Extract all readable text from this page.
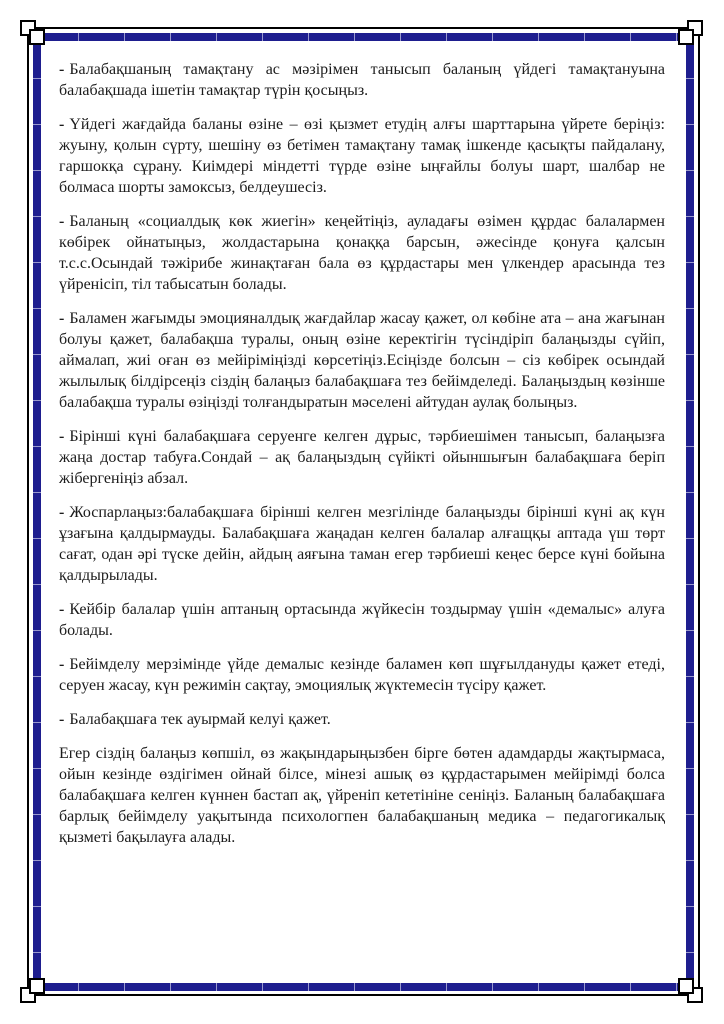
- Балабақшаның тамақтану ас мәзірімен танысып баланың үйдегі тамақтануына балабақшада ішетін тамақтар түрін қосыңыз.

- Үйдегі жағдайда баланы өзіне – өзі қызмет етудің алғы шарттарына үйрете беріңіз: жуыну, қолын сүрту, шешіну өз бетімен тамақтану тамақ ішкенде қасықты пайдалану, гаршокқа сұрану. Киімдері міндетті түрде өзіне ыңғайлы болуы шарт, шалбар не болмаса шорты замоксыз, белдеушесіз.

- Баланың «социалдық көк жиегін» кеңейтіңіз, ауладағы өзімен құрдас балалармен көбірек ойнатыңыз, жолдастарына қонаққа барсын, әжесінде қонуға қалсын т.с.с.Осындай тәжірибе жинақтаған бала өз құрдастары мен үлкендер арасында тез үйренісіп, тіл табысатын болады.

- Баламен жағымды эмоцияналдық жағдайлар жасау қажет, ол көбіне ата – ана жағынан болуы қажет, балабақша туралы, оның өзіне керектігін түсіндіріп балаңызды сүйіп, аймалап, жиі оған өз мейіріміңізді көрсетіңіз.Есіңізде болсын – сіз көбірек осындай жылылық білдірсеңіз сіздің балаңыз балабақшаға тез бейімделеді. Балаңыздың көзінше балабақша туралы өзіңізді толғандыратын мәселені айтудан аулақ болыңыз.

- Бірінші күні балабақшаға серуенге келген дұрыс, тәрбиешімен танысып, балаңызға жаңа достар табуға.Сондай – ақ балаңыздың сүйікті ойыншығын балабақшаға беріп жібергеніңіз абзал.

- Жоспарлаңыз:балабақшаға бірінші келген мезгілінде балаңызды бірінші күні ақ күн ұзағына қалдырмауды. Балабақшаға жаңадан келген балалар алғащқы аптада үш төрт сағат, одан әрі түске дейін, айдың аяғына таман егер тәрбиеші кеңес берсе күні бойына қалдырылады.

- Кейбір балалар үшін аптаның ортасында жүйкесін тоздырмау үшін «демалыс» алуға болады.

- Бейімделу мерзімінде үйде демалыс кезінде баламен көп шұғылдануды қажет етеді, серуен жасау, күн режимін сақтау, эмоциялық жүктемесін түсіру қажет.

- Балабақшаға тек ауырмай келуі қажет.

Егер сіздің балаңыз көпшіл, өз жақындарыңызбен бірге бөтен адамдарды жақтырмаса, ойын кезінде өздігімен ойнай білсе, мінезі ашық өз құрдастарымен мейірімді болса балабақшаға келген күннен бастап ақ, үйреніп кететініне сеніңіз. Баланың балабақшаға барлық бейімделу уақытында психологпен балабақшаның медика – педагогикалық қызметі бақылауға алады.
